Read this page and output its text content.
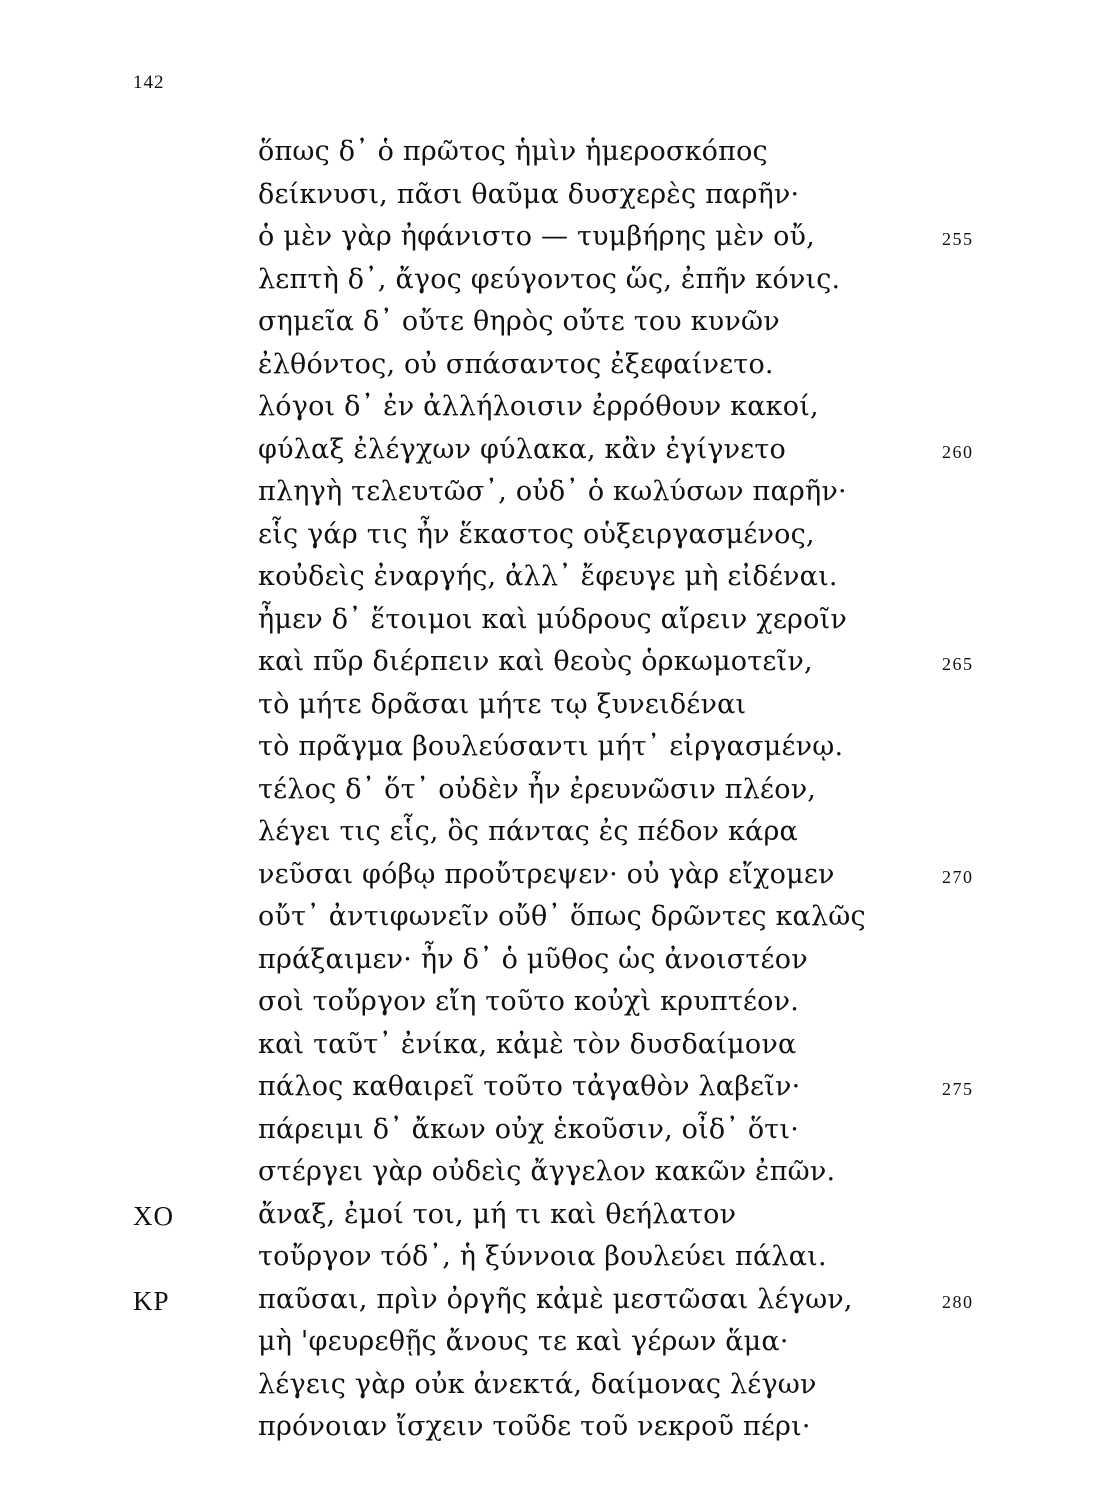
142
ὅπως δ᾽ ὁ πρῶτος ἡμὶν ἡμεροσκόπος
δείκνυσι, πᾶσι θαῦμα δυσχερὲς παρῆν·
ὁ μὲν γὰρ ἠφάνιστο — τυμβήρης μὲν οὔ,	255
λεπτὴ δ᾽, ἄγος φεύγοντος ὥς, ἐπῆν κόνις.
σημεῖα δ᾽ οὔτε θηρὸς οὔτε του κυνῶν
ἐλθόντος, οὐ σπάσαντος ἐξεφαίνετο.
λόγοι δ᾽ ἐν ἀλλήλοισιν ἐρρόθουν κακοί,
φύλαξ ἐλέγχων φύλακα, κἂν ἐγίγνετο	260
πληγὴ τελευτῶσ᾽, οὐδ᾽ ὁ κωλύσων παρῆν·
εἷς γάρ τις ἦν ἕκαστος οὑξειργασμένος,
κοὐδεὶς ἐναργής, ἀλλ᾽ ἔφευγε μὴ εἰδέναι.
ἦμεν δ᾽ ἕτοιμοι καὶ μύδρους αἴρειν χεροῖν
καὶ πῦρ διέρπειν καὶ θεοὺς ὁρκωμοτεῖν,	265
τὸ μήτε δρᾶσαι μήτε τῳ ξυνειδέναι
τὸ πρᾶγμα βουλεύσαντι μήτ᾽ εἰργασμένῳ.
τέλος δ᾽ ὅτ᾽ οὐδὲν ἦν ἐρευνῶσιν πλέον,
λέγει τις εἷς, ὃς πάντας ἐς πέδον κάρα
νεῦσαι φόβῳ προὔτρεψεν· οὐ γὰρ εἴχομεν	270
οὔτ᾽ ἀντιφωνεῖν οὔθ᾽ ὅπως δρῶντες καλῶς
πράξαιμεν· ἦν δ᾽ ὁ μῦθος ὡς ἀνοιστέον
σοὶ τοὔργον εἴη τοῦτο κοὐχὶ κρυπτέον.
καὶ ταῦτ᾽ ἐνίκα, κἀμὲ τὸν δυσδαίμονα
πάλος καθαιρεῖ τοῦτο τἀγαθὸν λαβεῖν·	275
πάρειμι δ᾽ ἄκων οὐχ ἑκοῦσιν, οἶδ᾽ ὅτι·
στέργει γὰρ οὐδεὶς ἄγγελον κακῶν ἐπῶν.
ΧΟ	ἄναξ, ἐμοί τοι, μή τι καὶ θεήλατον
τοὔργον τόδ᾽, ἡ ξύννοια βουλεύει πάλαι.
ΚΡ	παῦσαι, πρὶν ὀργῆς κἀμὲ μεστῶσαι λέγων,	280
μὴ 'φευρεθῇς ἄνους τε καὶ γέρων ἅμα·
λέγεις γὰρ οὐκ ἀνεκτά, δαίμονας λέγων
πρόνοιαν ἴσχειν τοῦδε τοῦ νεκροῦ πέρι·
